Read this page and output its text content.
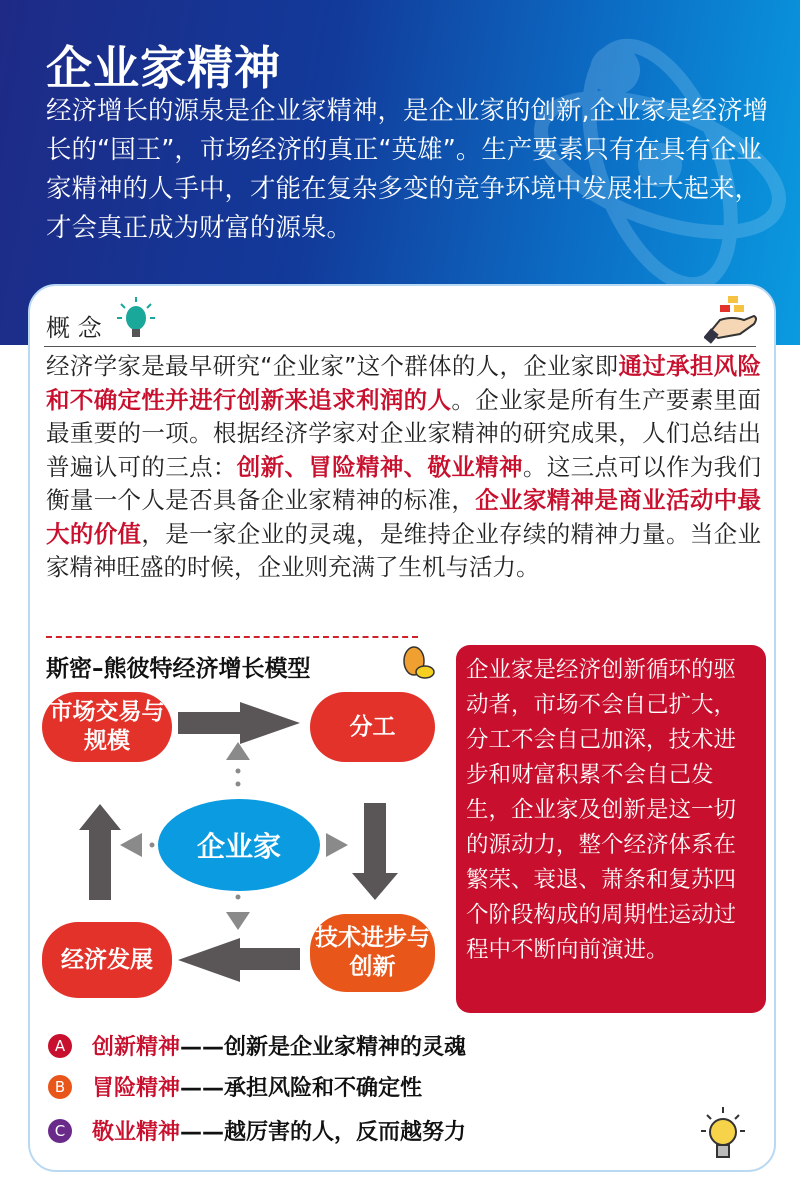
企业家精神
经济增长的源泉是企业家精神，是企业家的创新,企业家是经济增长的“国王”，市场经济的真正“英雄”。生产要素只有在具有企业家精神的人手中，才能在复杂多变的竞争环境中发展壮大起来，才会真正成为财富的源泉。
概 念
经济学家是最早研究“企业家”这个群体的人，企业家即通过承担风险和不确定性并进行创新来追求利润的人。企业家是所有生产要素里面最重要的一项。根据经济学家对企业家精神的研究成果，人们总结出普遍认可的三点：创新、冒险精神、敬业精神。这三点可以作为我们衡量一个人是否具备企业家精神的标准，企业家精神是商业活动中最大的价值，是一家企业的灵魂，是维持企业存续的精神力量。当企业家精神旺盛的时候，企业则充满了生机与活力。
斯密–熊彼特经济增长模型
市场交易与规模
分工
技术进步与创新
经济发展
企业家
企业家是经济创新循环的驱动者，市场不会自己扩大，分工不会自己加深，技术进步和财富积累不会自己发生，企业家及创新是这一切的源动力，整个经济体系在繁荣、衰退、萧条和复苏四个阶段构成的周期性运动过程中不断向前演进。
A	创新精神 ——创新是企业家精神的灵魂
B	冒险精神 ——承担风险和不确定性
C	敬业精神 ——越厉害的人，反而越努力
